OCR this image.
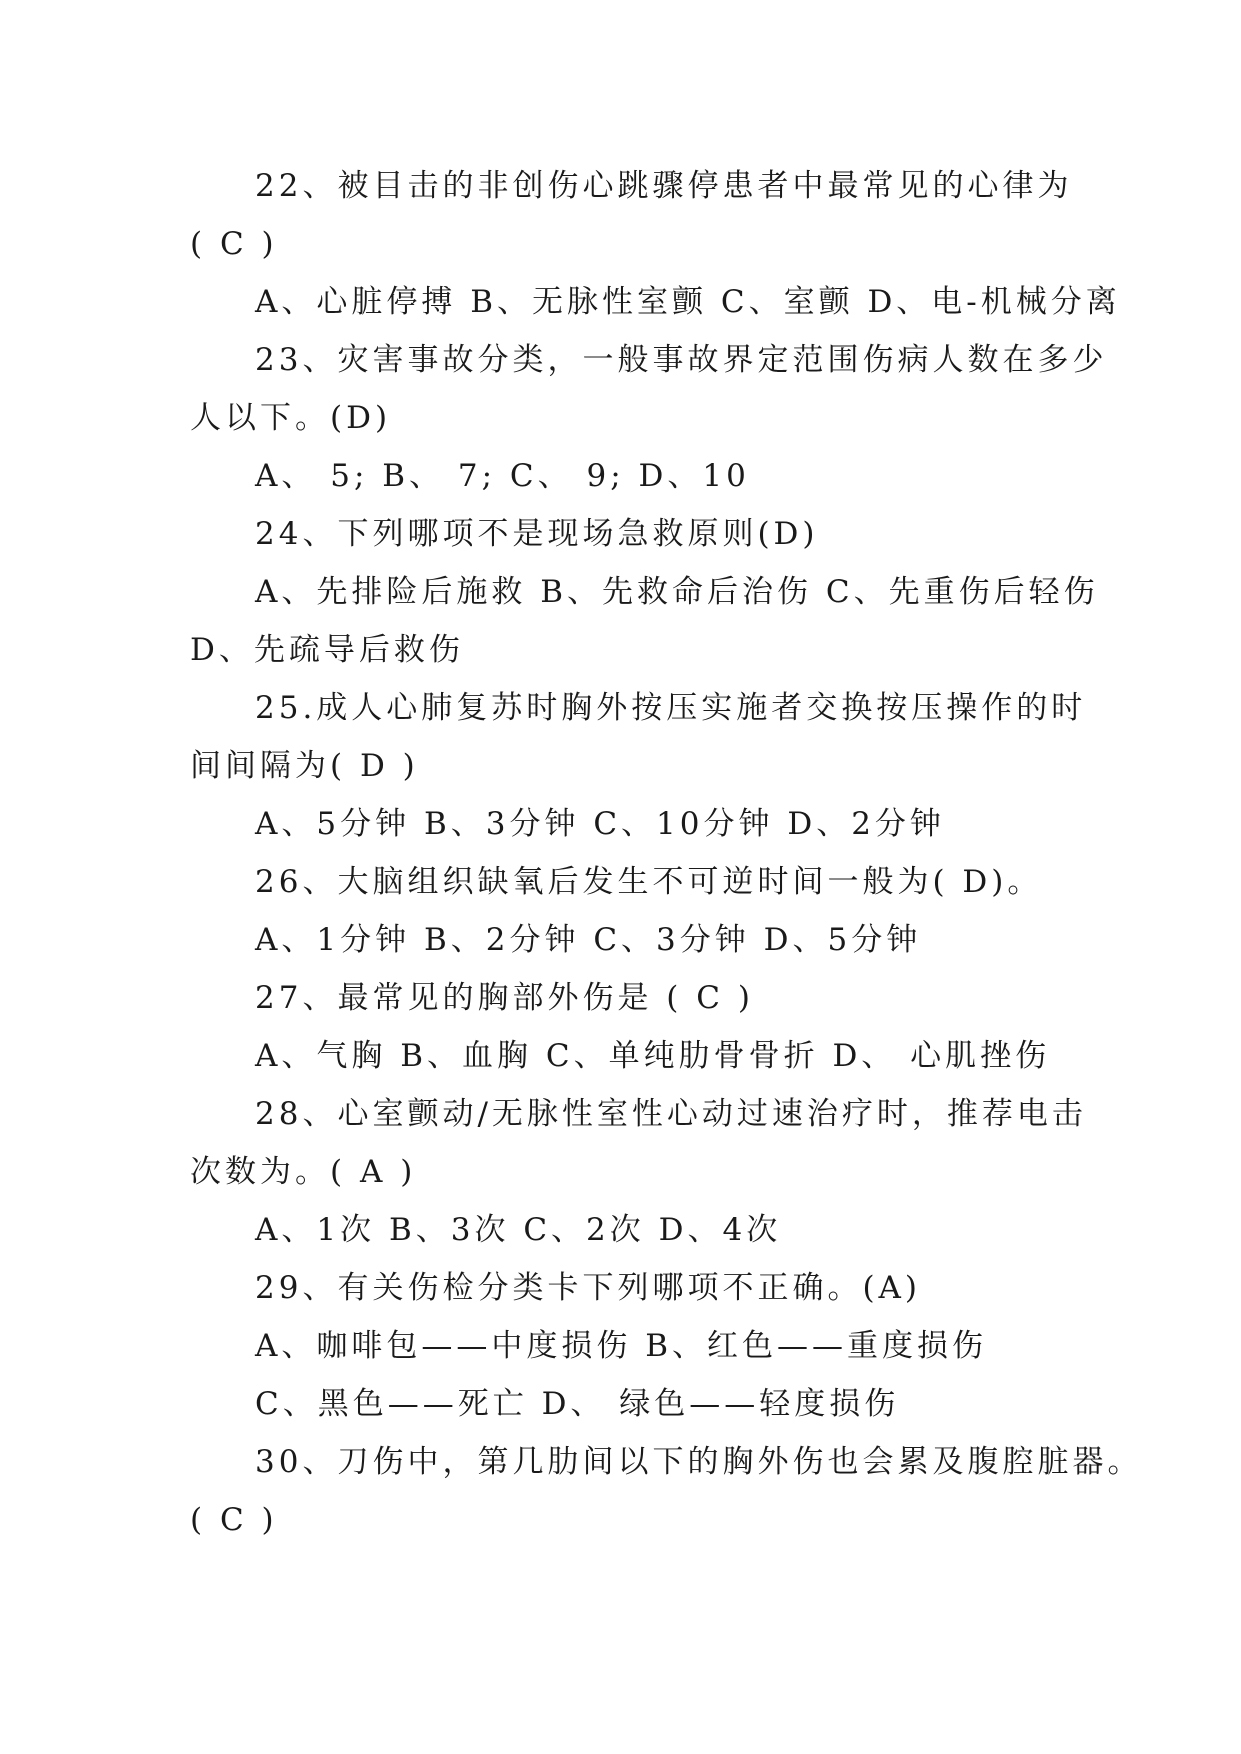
22、被目击的非创伤心跳骤停患者中最常见的心律为
( C )
A、心脏停搏 B、无脉性室颤 C、室颤 D、电-机械分离
23、灾害事故分类，一般事故界定范围伤病人数在多少
人以下。(D)
A、 5; B、 7; C、 9; D、10
24、下列哪项不是现场急救原则(D)
A、先排险后施救 B、先救命后治伤 C、先重伤后轻伤
D、先疏导后救伤
25.成人心肺复苏时胸外按压实施者交换按压操作的时
间间隔为( D )
A、5分钟 B、3分钟 C、10分钟 D、2分钟
26、大脑组织缺氧后发生不可逆时间一般为( D)。
A、1分钟 B、2分钟 C、3分钟 D、5分钟
27、最常见的胸部外伤是 ( C )
A、气胸 B、血胸 C、单纯肋骨骨折 D、 心肌挫伤
28、心室颤动/无脉性室性心动过速治疗时，推荐电击
次数为。( A )
A、1次 B、3次 C、2次 D、4次
29、有关伤检分类卡下列哪项不正确。(A)
A、咖啡包——中度损伤 B、红色——重度损伤
C、黑色——死亡 D、 绿色——轻度损伤
30、刀伤中，第几肋间以下的胸外伤也会累及腹腔脏器。
( C )
